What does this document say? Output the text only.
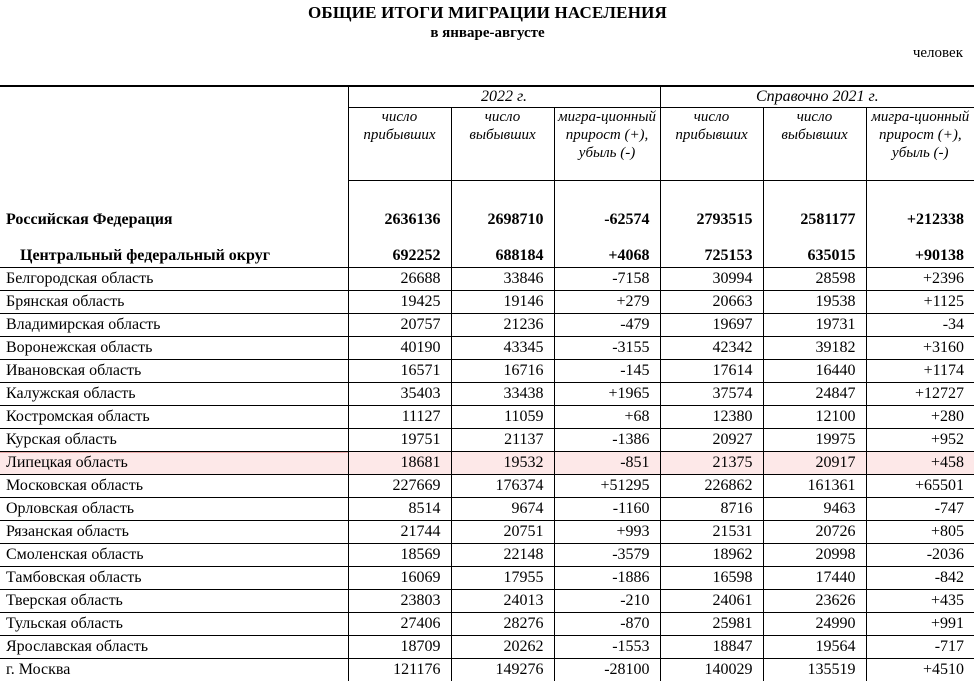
ОБЩИЕ ИТОГИ МИГРАЦИИ НАСЕЛЕНИЯ
в январе-августе
человек
	2022 г.			Справочно 2021 г.		
	число прибывших	число выбывших	мигра-ционный прирост (+), убыль (-)	число прибывших	число выбывших	мигра-ционный прирост (+), убыль (-)
Российская Федерация	2636136	2698710	-62574	2793515	2581177	+212338
Центральный федеральный округ	692252	688184	+4068	725153	635015	+90138
Белгородская область	26688	33846	-7158	30994	28598	+2396
Брянская область	19425	19146	+279	20663	19538	+1125
Владимирская область	20757	21236	-479	19697	19731	-34
Воронежская область	40190	43345	-3155	42342	39182	+3160
Ивановская область	16571	16716	-145	17614	16440	+1174
Калужская область	35403	33438	+1965	37574	24847	+12727
Костромская область	11127	11059	+68	12380	12100	+280
Курская область	19751	21137	-1386	20927	19975	+952
Липецкая область	18681	19532	-851	21375	20917	+458
Московская область	227669	176374	+51295	226862	161361	+65501
Орловская область	8514	9674	-1160	8716	9463	-747
Рязанская область	21744	20751	+993	21531	20726	+805
Смоленская область	18569	22148	-3579	18962	20998	-2036
Тамбовская область	16069	17955	-1886	16598	17440	-842
Тверская область	23803	24013	-210	24061	23626	+435
Тульская область	27406	28276	-870	25981	24990	+991
Ярославская область	18709	20262	-1553	18847	19564	-717
г. Москва	121176	149276	-28100	140029	135519	+4510
